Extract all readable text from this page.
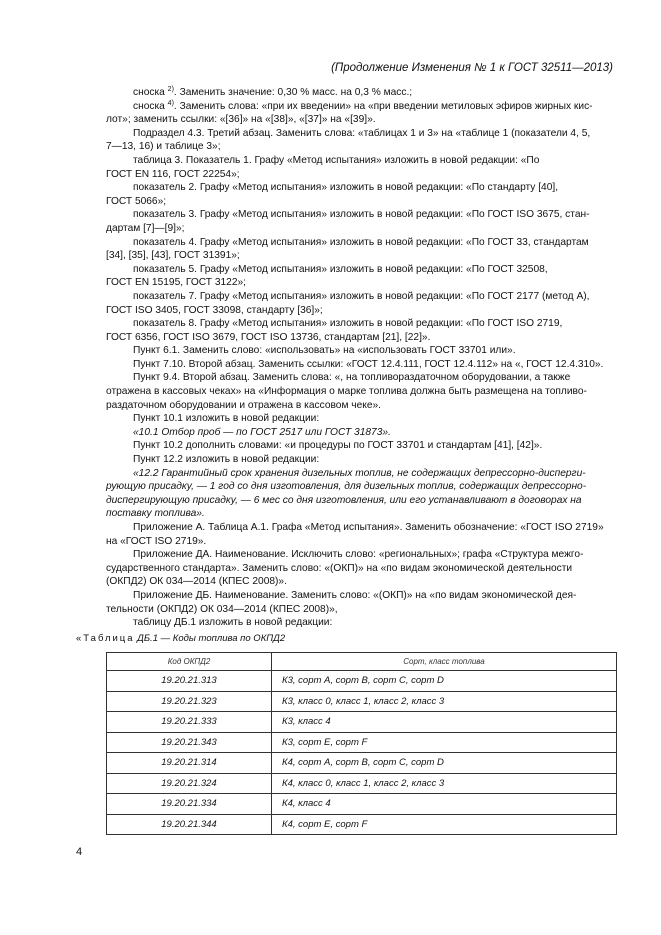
(Продолжение Изменения № 1 к ГОСТ 32511—2013)

сноска $^{2)}$. Заменить значение: 0,30 % масс. на 0,3 % масс.;

сноска $^{4)}$. Заменить слова: «при их введении» на «при введении метиловых эфиров жирных кис-

лот»; заменить ссылки: «[36]» на «[38]», «[37]» на «[39]».

Подраздел 4.3. Третий абзац. Заменить слова: «таблицах 1 и 3» на «таблице 1 (показатели 4, 5,

7—13, 16) и таблице 3»;

таблица 3. Показатель 1. Графу «Метод испытания» изложить в новой редакции: «По

ГОСТ EN 116, ГОСТ 22254»;

показатель 2. Графу «Метод испытания» изложить в новой редакции: «По стандарту [40],

ГОСТ 5066»;

показатель 3. Графу «Метод испытания» изложить в новой редакции: «По ГОСТ ISO 3675, стан-

дартам [7]—[9]»;

показатель 4. Графу «Метод испытания» изложить в новой редакции: «По ГОСТ 33, стандартам

[34], [35], [43], ГОСТ 31391»;

показатель 5. Графу «Метод испытания» изложить в новой редакции: «По ГОСТ 32508,

ГОСТ EN 15195, ГОСТ 3122»;

показатель 7. Графу «Метод испытания» изложить в новой редакции: «По ГОСТ 2177 (метод А),

ГОСТ ISO 3405, ГОСТ 33098, стандарту [36]»;

показатель 8. Графу «Метод испытания» изложить в новой редакции: «По ГОСТ ISO 2719,

ГОСТ 6356, ГОСТ ISO 3679, ГОСТ ISO 13736, стандартам [21], [22]».

Пункт 6.1. Заменить слово: «использовать» на «использовать ГОСТ 33701 или».

Пункт 7.10. Второй абзац. Заменить ссылки: «ГОСТ 12.4.111, ГОСТ 12.4.112» на «, ГОСТ 12.4.310».

Пункт 9.4. Второй абзац. Заменить слова: «, на топливораздаточном оборудовании, а также

отражена в кассовых чеках» на «Информация о марке топлива должна быть размещена на топливо-

раздаточном оборудовании и отражена в кассовом чеке».

Пункт 10.1 изложить в новой редакции:

«10.1 Отбор проб — по ГОСТ 2517 или ГОСТ 31873».

Пункт 10.2 дополнить словами: «и процедуры по ГОСТ 33701 и стандартам [41], [42]».

Пункт 12.2 изложить в новой редакции:

«12.2 Гарантийный срок хранения дизельных топлив, не содержащих депрессорно-дисперги-

рующую присадку, — 1 год со дня изготовления, для дизельных топлив, содержащих депрессорно-

диспергирующую присадку, — 6 мес со дня изготовления, или его устанавливают в договорах на

поставку топлива».

Приложение А. Таблица А.1. Графа «Метод испытания». Заменить обозначение: «ГОСТ ISO 2719»

на «ГОСТ ISO 2719».

Приложение ДА. Наименование. Исключить слово: «региональных»; графа «Структура межго-

сударственного стандарта». Заменить слово: «(ОКП)» на «по видам экономической деятельности

(ОКПД2) ОК 034—2014 (КПЕС 2008)».

Приложение ДБ. Наименование. Заменить слово: «(ОКП)» на «по видам экономической дея-

тельности (ОКПД2) ОК 034—2014 (КПЕС 2008)»,

таблицу ДБ.1 изложить в новой редакции:

«Таблица ДБ.1 — Коды топлива по ОКПД2
Код ОКПД2	Сорт, класс топлива
19.20.21.313	К3, сорт А, сорт В, сорт С, сорт D
19.20.21.323	К3, класс 0, класс 1, класс 2, класс 3
19.20.21.333	К3, класс 4
19.20.21.343	К3, сорт Е, сорт F
19.20.21.314	К4, сорт А, сорт В, сорт С, сорт D
19.20.21.324	К4, класс 0, класс 1, класс 2, класс 3
19.20.21.334	К4, класс 4
19.20.21.344	К4, сорт Е, сорт F
4
